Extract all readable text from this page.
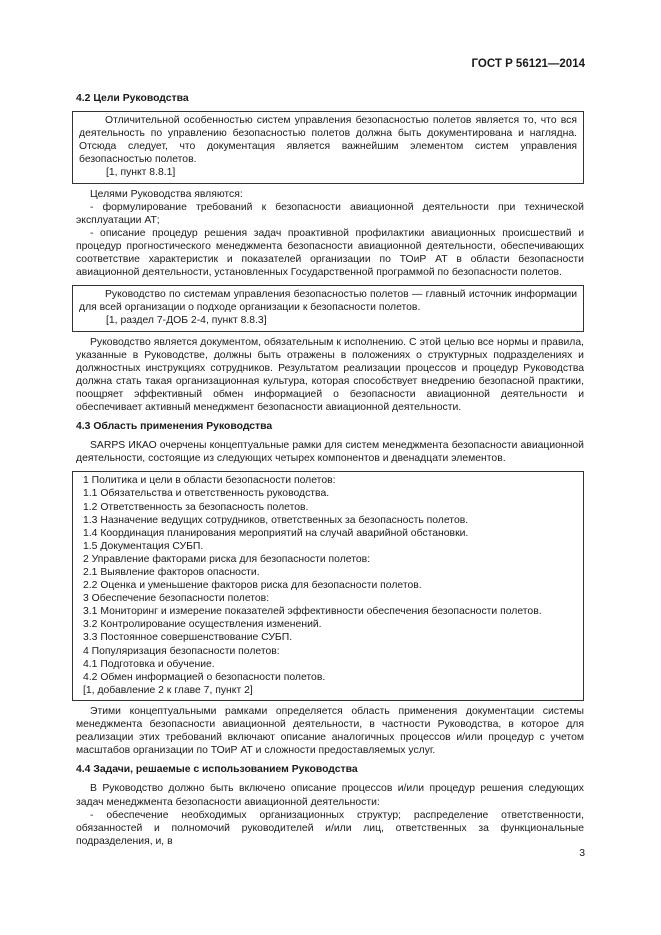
ГОСТ Р 56121—2014
4.2 Цели Руководства

Отличительной особенностью систем управления безопасностью полетов является то, что вся деятельность по управлению безопасностью полетов должна быть документирована и наглядна. Отсюда следует, что документация является важнейшим элементом систем управления безопасностью полетов.

[1, пункт 8.8.1]

Целями Руководства являются:

- формулирование требований к безопасности авиационной деятельности при технической эксплуатации АТ;

- описание процедур решения задач проактивной профилактики авиационных происшествий и процедур прогностического менеджмента безопасности авиационной деятельности, обеспечивающих соответствие характеристик и показателей организации по ТОиР АТ в области безопасности авиационной деятельности, установленных Государственной программой по безопасности полетов.

Руководство по системам управления безопасностью полетов — главный источник информации для всей организации о подходе организации к безопасности полетов.

[1, раздел 7-ДОБ 2-4, пункт 8.8.3]

Руководство является документом, обязательным к исполнению. С этой целью все нормы и правила, указанные в Руководстве, должны быть отражены в положениях о структурных подразделениях и должностных инструкциях сотрудников. Результатом реализации процессов и процедур Руководства должна стать такая организационная культура, которая способствует внедрению безопасной практики, поощряет эффективный обмен информацией о безопасности авиационной деятельности и обеспечивает активный менеджмент безопасности авиационной деятельности.

4.3 Область применения Руководства

SARPS ИКАО очерчены концептуальные рамки для систем менеджмента безопасности авиационной деятельности, состоящие из следующих четырех компонентов и двенадцати элементов.

1 Политика и цели в области безопасности полетов:

1.1 Обязательства и ответственность руководства.

1.2 Ответственность за безопасность полетов.

1.3 Назначение ведущих сотрудников, ответственных за безопасность полетов.

1.4 Координация планирования мероприятий на случай аварийной обстановки.

1.5 Документация СУБП.

2 Управление факторами риска для безопасности полетов:

2.1 Выявление факторов опасности.

2.2 Оценка и уменьшение факторов риска для безопасности полетов.

3 Обеспечение безопасности полетов:

3.1 Мониторинг и измерение показателей эффективности обеспечения безопасности полетов.

3.2 Контролирование осуществления изменений.

3.3 Постоянное совершенствование СУБП.

4 Популяризация безопасности полетов:

4.1 Подготовка и обучение.

4.2 Обмен информацией о безопасности полетов.

[1, добавление 2 к главе 7, пункт 2]

Этими концептуальными рамками определяется область применения документации системы менеджмента безопасности авиационной деятельности, в частности Руководства, в которое для реализации этих требований включают описание аналогичных процессов и/или процедур с учетом масштабов организации по ТОиР АТ и сложности предоставляемых услуг.

4.4 Задачи, решаемые с использованием Руководства

В Руководство должно быть включено описание процессов и/или процедур решения следующих задач менеджмента безопасности авиационной деятельности:

- обеспечение необходимых организационных структур; распределение ответственности, обязанностей и полномочий руководителей и/или лиц, ответственных за функциональные подразделения, и, в

3
